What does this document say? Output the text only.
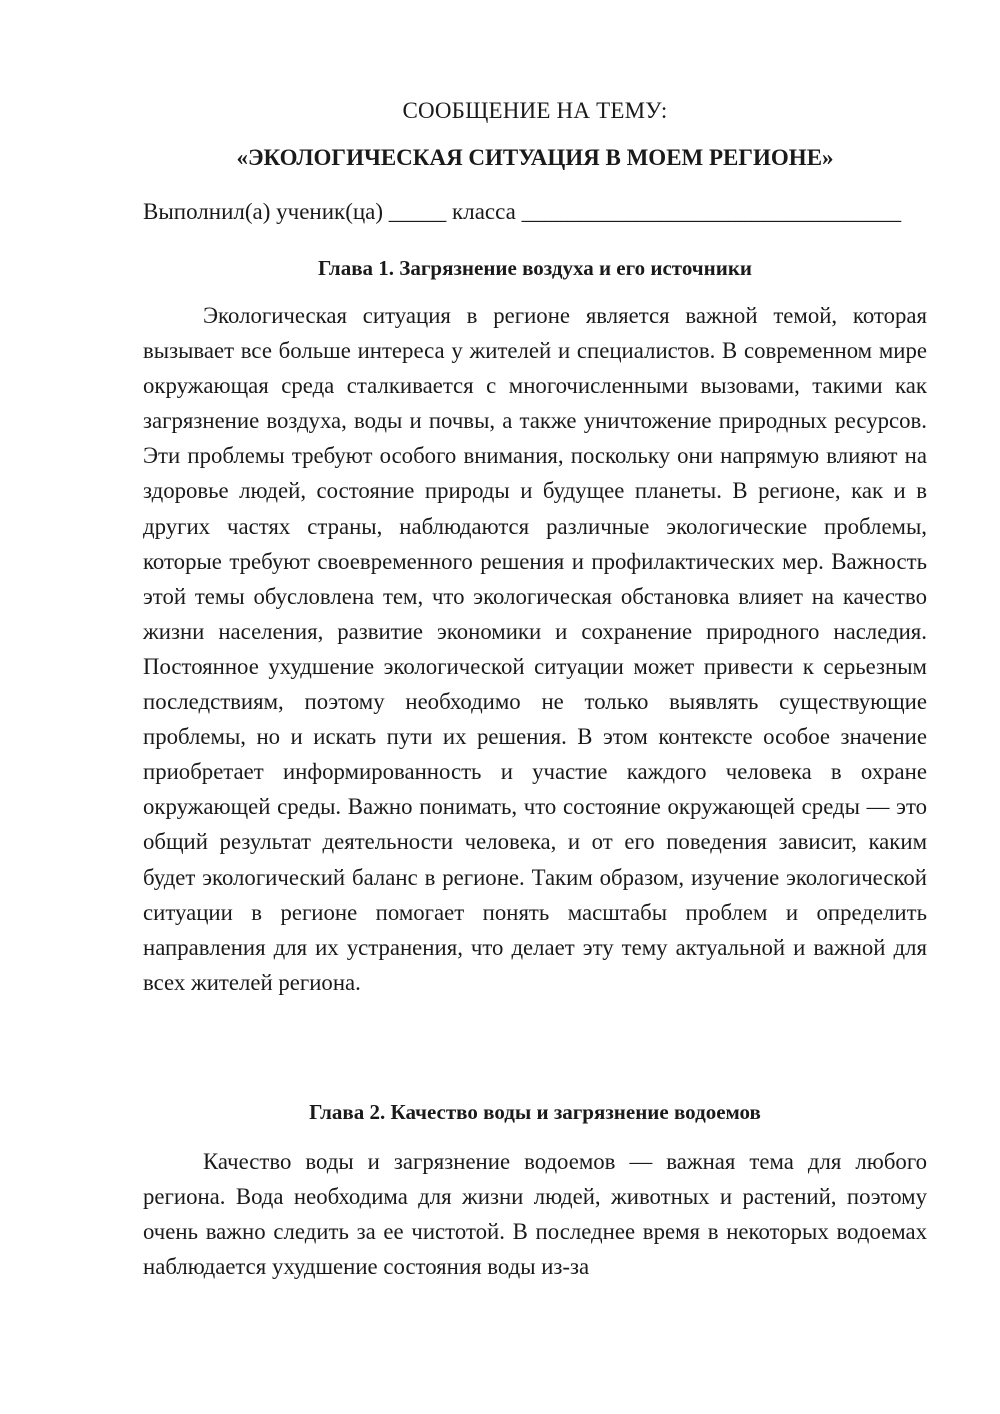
СООБЩЕНИЕ НА ТЕМУ:
«ЭКОЛОГИЧЕСКАЯ СИТУАЦИЯ В МОЕМ РЕГИОНЕ»
Выполнил(а) ученик(ца) _____ класса _________________________________
Глава 1. Загрязнение воздуха и его источники

Экологическая ситуация в регионе является важной темой, которая вызывает все больше интереса у жителей и специалистов. В современном мире окружающая среда сталкивается с многочисленными вызовами, такими как загрязнение воздуха, воды и почвы, а также уничтожение природных ресурсов. Эти проблемы требуют особого внимания, поскольку они напрямую влияют на здоровье людей, состояние природы и будущее планеты. В регионе, как и в других частях страны, наблюдаются различные экологические проблемы, которые требуют своевременного решения и профилактических мер. Важность этой темы обусловлена тем, что экологическая обстановка влияет на качество жизни населения, развитие экономики и сохранение природного наследия. Постоянное ухудшение экологической ситуации может привести к серьезным последствиям, поэтому необходимо не только выявлять существующие проблемы, но и искать пути их решения. В этом контексте особое значение приобретает информированность и участие каждого человека в охране окружающей среды. Важно понимать, что состояние окружающей среды — это общий результат деятельности человека, и от его поведения зависит, каким будет экологический баланс в регионе. Таким образом, изучение экологической ситуации в регионе помогает понять масштабы проблем и определить направления для их устранения, что делает эту тему актуальной и важной для всех жителей региона.

Глава 2. Качество воды и загрязнение водоемов

Качество воды и загрязнение водоемов — важная тема для любого региона. Вода необходима для жизни людей, животных и растений, поэтому очень важно следить за ее чистотой. В последнее время в некоторых водоемах наблюдается ухудшение состояния воды из-за
